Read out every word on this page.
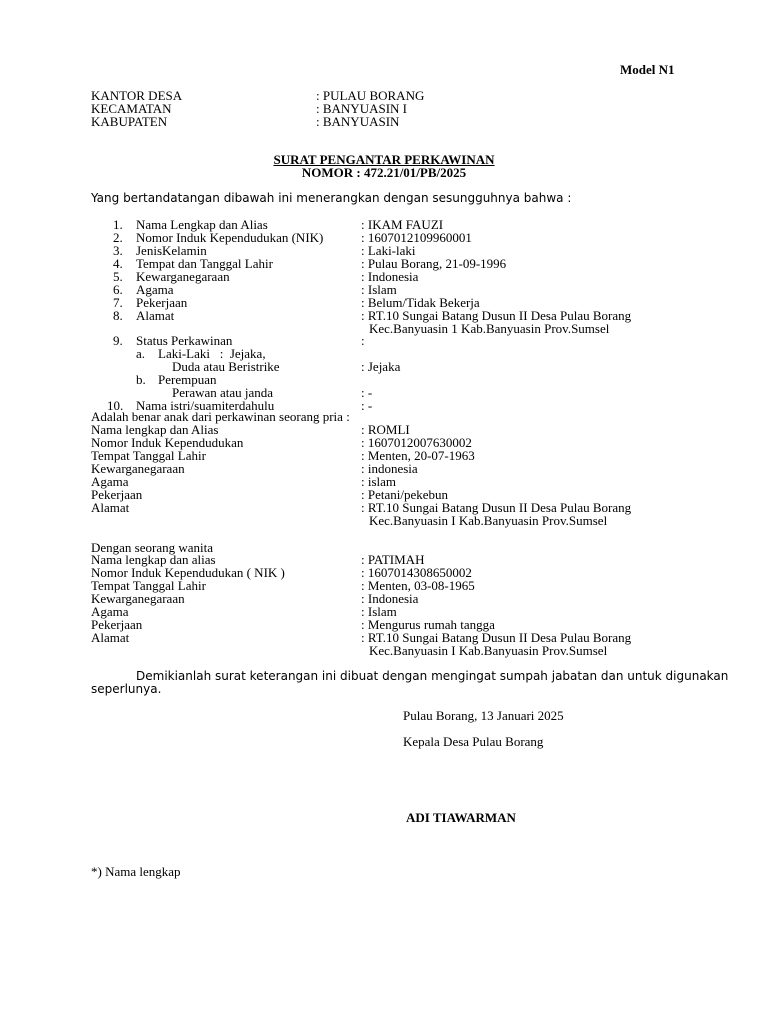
Model N1
KANTOR DESA	: PULAU BORANG
KECAMATAN	: BANYUASIN I
KABUPATEN	: BANYUASIN
SURAT PENGANTAR PERKAWINAN
NOMOR : 472.21/01/PB/2025
Yang bertandatangan dibawah ini menerangkan dengan sesungguhnya bahwa :
1. Nama Lengkap dan Alias	: IKAM FAUZI
2. Nomor Induk Kependudukan (NIK)	: 1607012109960001
3. JenisKelamin	: Laki-laki
4. Tempat dan Tanggal Lahir	: Pulau Borang, 21-09-1996
5. Kewarganegaraan	: Indonesia
6. Agama	: Islam
7. Pekerjaan	: Belum/Tidak Bekerja
8. Alamat	: RT.10 Sungai Batang Dusun II Desa Pulau Borang
Kec.Banyuasin 1 Kab.Banyuasin Prov.Sumsel
9. Status Perkawinan	:
a. Laki-Laki   :  Jejaka,
Duda atau Beristrike	: Jejaka
b. Perempuan
Perawan atau janda	: -
10. Nama istri/suamiterdahulu	: -
Adalah benar anak dari perkawinan seorang pria :
Nama lengkap dan Alias	: ROMLI
Nomor Induk Kependudukan	: 1607012007630002
Tempat Tanggal Lahir	: Menten, 20-07-1963
Kewarganegaraan	: indonesia
Agama	: islam
Pekerjaan	: Petani/pekebun
Alamat	: RT.10 Sungai Batang Dusun II Desa Pulau Borang
Kec.Banyuasin I Kab.Banyuasin Prov.Sumsel
Dengan seorang wanita
Nama lengkap dan alias	: PATIMAH
Nomor Induk Kependudukan ( NIK )	: 1607014308650002
Tempat Tanggal Lahir	: Menten, 03-08-1965
Kewarganegaraan	: Indonesia
Agama	: Islam
Pekerjaan	: Mengurus rumah tangga
Alamat	: RT.10 Sungai Batang Dusun II Desa Pulau Borang
Kec.Banyuasin I Kab.Banyuasin Prov.Sumsel
Demikianlah surat keterangan ini dibuat dengan mengingat sumpah jabatan dan untuk digunakan
seperlunya.
Pulau Borang, 13 Januari 2025
Kepala Desa Pulau Borang
ADI TIAWARMAN
*) Nama lengkap
